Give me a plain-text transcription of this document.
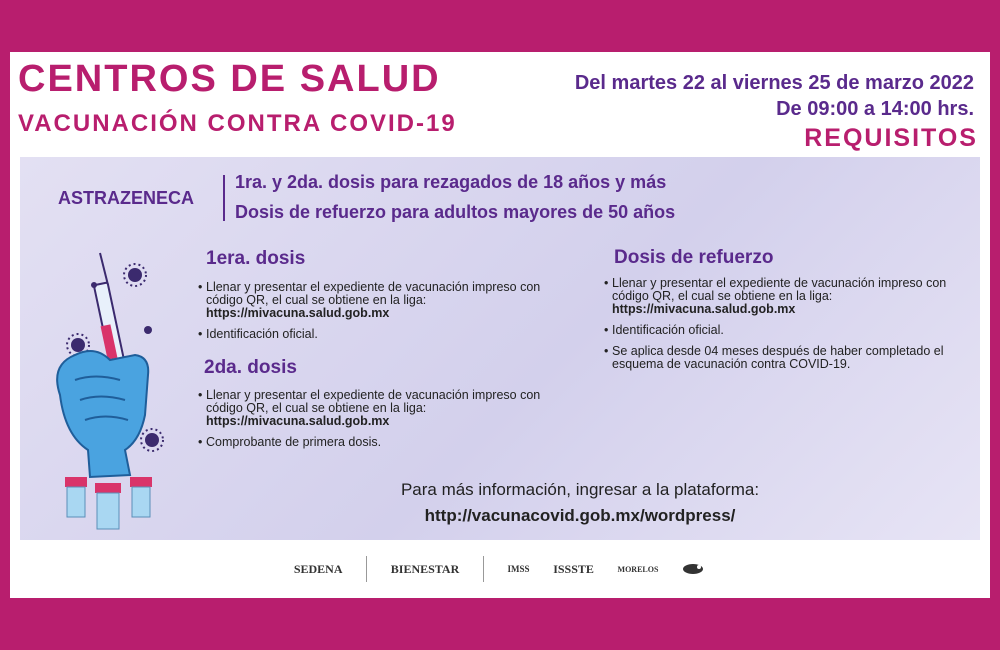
CENTROS DE SALUD
VACUNACIÓN CONTRA COVID-19
Del martes 22 al viernes 25 de marzo 2022
De 09:00 a 14:00 hrs.
REQUISITOS
ASTRAZENECA
1ra. y 2da. dosis para rezagados de 18 años y más
Dosis de refuerzo para adultos mayores de 50 años
1era. dosis
• Llenar y presentar el expediente de vacunación impreso con código QR, el cual se obtiene en la liga: https://mivacuna.salud.gob.mx
• Identificación oficial.
2da. dosis
• Llenar y presentar el expediente de vacunación impreso con código QR, el cual se obtiene en la liga: https://mivacuna.salud.gob.mx
• Comprobante de primera dosis.
Dosis de refuerzo
• Llenar y presentar el expediente de vacunación impreso con código QR, el cual se obtiene en la liga: https://mivacuna.salud.gob.mx
• Identificación oficial.
• Se aplica desde 04 meses después de haber completado el esquema de vacunación contra COVID-19.
Para más información, ingresar a la plataforma:
http://vacunacovid.gob.mx/wordpress/
SEDENA	BIENESTAR	IMSS ISSSTE	MORELOS
